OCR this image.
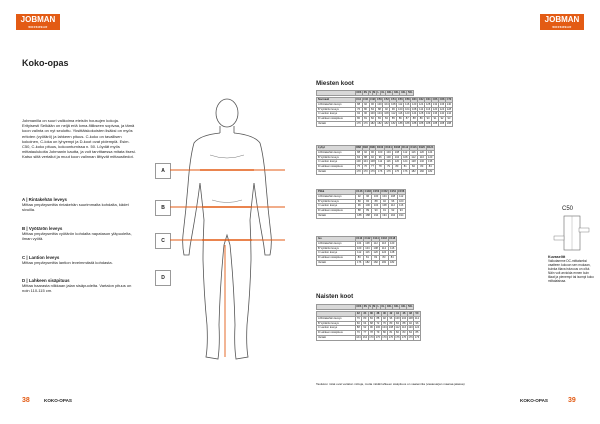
JOBMAN
WORKWEAR
Koko-opas
Jobmanilla on suuri valikoima eteisiin housujen kokoja. Erityisesti Selkään on neljä eriä loma-fiilikseen sopivaa, ja tämä koon valinta on nyt seulottu. Yksittäiskokoisten lisäksi on myös eritoten (vyötärö) ja lahkeen pituus. C-koko on tavallisen kokoinen, C-loka on lyhyempi ja D-koot ovat pidempiä. Esim. C50, C-koko pituus, kokoontumissa n. 50. Löydät myös mittataulukoita Jobmanin kautta, ja voit tarvittaessa mitata itsesi. Katso siitä vertailut ja muut koon valinnan liittyvät mittaustiedot.
A | Rintakehän leveys
Mittaa ympärysmitta rintakehän suurimmalta kohdalta, kädet sivuilla.
B | Vyötärön leveys
Mittaa ympärysmitta vyötärön kohdalta napatason yläpuolelta, ilman vyötä.
C | Lantion leveys
Mittaa ympärysmitta lantion leveimmästä kohdasta.
D | Lahkeen sisäpituus
Mittaa haarasta nilkkaan jalan sisäpuolelta. Vartalon pituus on noin 110-115 cm.
A
B
C
D
38	KOKO-OPAS
JOBMAN
WORKWEAR
Miesten koot
	XXS	XS	S	M	L	XL	XXL	3XL	4XL	5XL
Normaali	C44	C46	C48	C50	C52	C54	C56	C58	C60	C62	C64	C66	C68	C70
A Rintakehän leveys	88	92	96	100	104	108	112	116	120	124	128	132	136	140
B Vyötärön leveys	76	80	84	88	92	96	100	104	108	112	116	120	124	128
C Lantion leveys	92	96	100	104	108	112	116	120	124	128	132	136	140	144
D Lahkeen sisäpituus	80	81	82	83	84	85	86	87	88	89	90	91	92	93
Vartalo	176	176	182	182	182	182	188	188	188	188	188	188	188	188
Lyhyt	D88	D92	D96	D100	D104	D108	D112	D116	D120	D124
A Rintakehän leveys	88	92	96	100	104	108	112	116	120	124
B Vyötärön leveys	84	88	92	96	100	104	108	112	116	120
C Lantion leveys	100	104	108	112	116	120	124	128	132	136
D Lahkeen sisäpituus	75	76	77	78	79	80	81	82	83	84
Vartalo	170	170	176	176	176	176	176	182	182	182
Pitkä	C146	C148	C150	C152	C154	C156
A Rintakehän leveys	92	96	100	104	108	112
B Vyötärön leveys	80	84	88	92	96	100
C Lantion leveys	96	100	104	108	112	116
D Lahkeen sisäpituus	88	89	90	91	92	93
Vartalo	188	188	194	194	194	194
Iso	C110	C112	C114	C116	C118
A Rintakehän leveys	104	108	112	116	120
B Vyötärön leveys	100	104	108	112	116
C Lantion leveys	112	116	120	124	128
D Lahkeen sisäpituus	80	81	82	83	84
Vartalo	176	182	182	182	182
Naisten koot
	XXS	XS	S	M	L	XL	XXL	3XL	4XL	5XL
	32	34	36	38	40	42	44	46	48	50
A Rintakehän leveys	76	80	84	88	92	96	100	104	108	112
B Vyötärön leveys	60	64	68	72	76	80	84	88	92	96
C Lantion leveys	88	92	96	100	104	108	112	116	120	124
D Lahkeen sisäpituus	76	77	78	79	80	81	82	83	84	85
Vartalo	164	164	170	170	170	170	176	176	176	176
Taulukon mitat ovat vartalon mittoja, mutta mikäli lahkeen sisäpituus on vaatemitta (vaatesarjan maaraa jalassa)
C50
Kuvaselitt
Vaikutamme DC-mittaiseksi vaatteen kokoon sen mukaan, kuinka tilava istuvuus on ollut. Näin voit arvioida ennen kuin tilaat ja pienempi tai isompi koko miltalaisissa.
KOKO-OPAS	39
